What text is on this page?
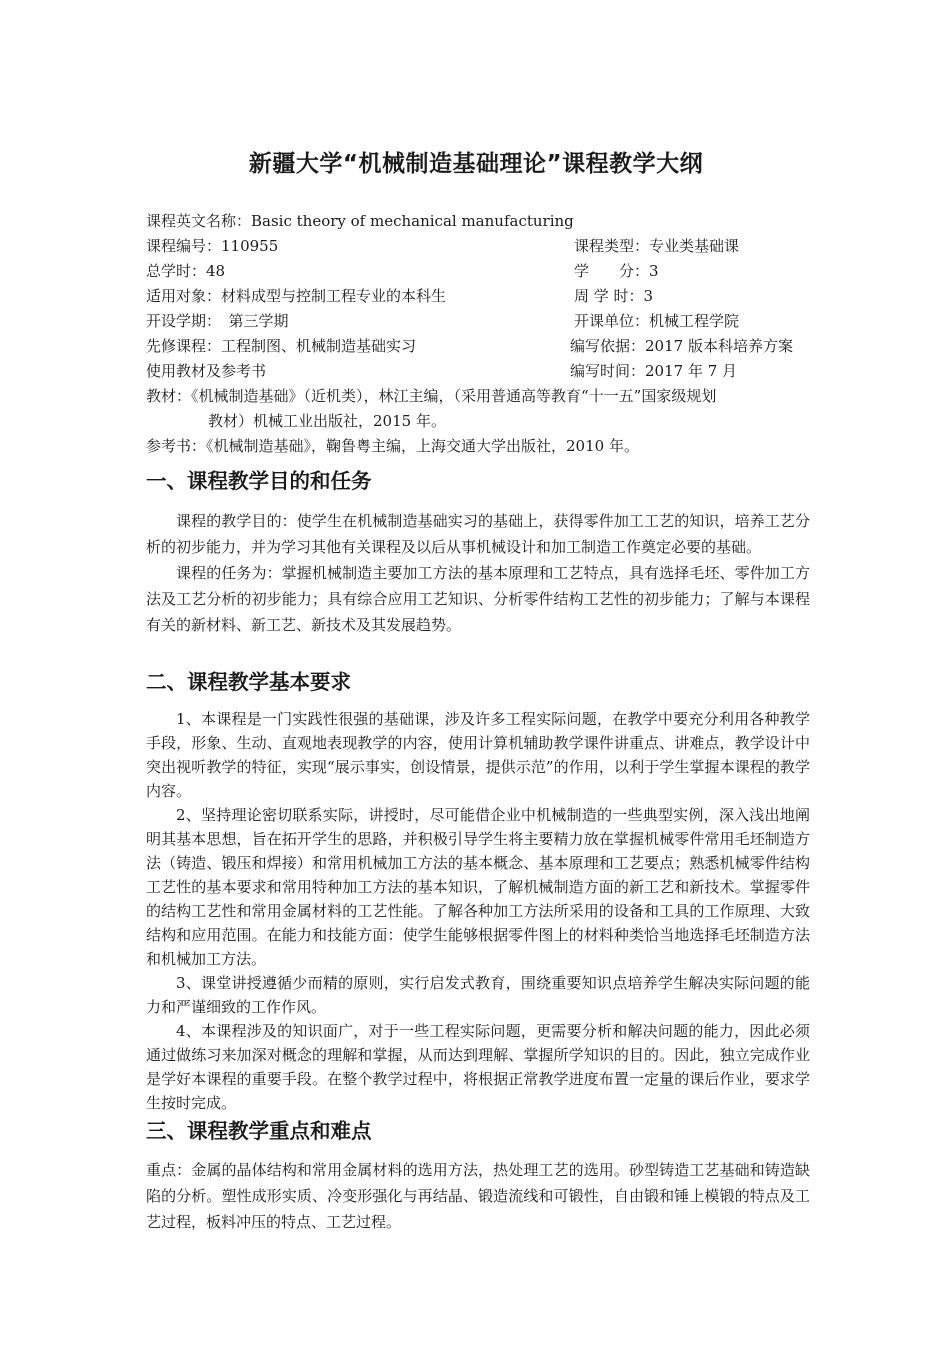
新疆大学“机械制造基础理论”课程教学大纲
课程英文名称：Basic theory of mechanical manufacturing
课程编号：110955	课程类型：专业类基础课
总学时：48	学　　分：3
适用对象：材料成型与控制工程专业的本科生	周 学 时：3
开设学期：　第三学期	开课单位：机械工程学院
先修课程：工程制图、机械制造基础实习	编写依据：2017 版本科培养方案
使用教材及参考书	编写时间：2017 年 7 月
教材：《机械制造基础》（近机类），林江主编，（采用普通高等教育“十一五”国家级规划
教材）机械工业出版社，2015 年。
参考书：《机械制造基础》，鞠鲁粤主编，上海交通大学出版社，2010 年。
一、课程教学目的和任务

课程的教学目的：使学生在机械制造基础实习的基础上，获得零件加工工艺的知识，培养工艺分析的初步能力，并为学习其他有关课程及以后从事机械设计和加工制造工作奠定必要的基础。

课程的任务为：掌握机械制造主要加工方法的基本原理和工艺特点，具有选择毛坯、零件加工方法及工艺分析的初步能力；具有综合应用工艺知识、分析零件结构工艺性的初步能力；了解与本课程有关的新材料、新工艺、新技术及其发展趋势。

二、课程教学基本要求

1、本课程是一门实践性很强的基础课，涉及许多工程实际问题，在教学中要充分利用各种教学手段，形象、生动、直观地表现教学的内容，使用计算机辅助教学课件讲重点、讲难点，教学设计中突出视听教学的特征，实现“展示事实，创设情景，提供示范”的作用，以利于学生掌握本课程的教学内容。

2、坚持理论密切联系实际，讲授时，尽可能借企业中机械制造的一些典型实例，深入浅出地阐明其基本思想，旨在拓开学生的思路，并积极引导学生将主要精力放在掌握机械零件常用毛坯制造方法（铸造、锻压和焊接）和常用机械加工方法的基本概念、基本原理和工艺要点；熟悉机械零件结构工艺性的基本要求和常用特种加工方法的基本知识，了解机械制造方面的新工艺和新技术。掌握零件的结构工艺性和常用金属材料的工艺性能。了解各种加工方法所采用的设备和工具的工作原理、大致结构和应用范围。在能力和技能方面：使学生能够根据零件图上的材料种类恰当地选择毛坯制造方法和机械加工方法。

3、课堂讲授遵循少而精的原则，实行启发式教育，围绕重要知识点培养学生解决实际问题的能力和严谨细致的工作作风。

4、本课程涉及的知识面广，对于一些工程实际问题，更需要分析和解决问题的能力，因此必须通过做练习来加深对概念的理解和掌握，从而达到理解、掌握所学知识的目的。因此，独立完成作业是学好本课程的重要手段。在整个教学过程中，将根据正常教学进度布置一定量的课后作业，要求学生按时完成。

三、课程教学重点和难点

重点：金属的晶体结构和常用金属材料的选用方法，热处理工艺的选用。砂型铸造工艺基础和铸造缺陷的分析。塑性成形实质、冷变形强化与再结晶、锻造流线和可锻性，自由锻和锤上模锻的特点及工艺过程，板料冲压的特点、工艺过程。
